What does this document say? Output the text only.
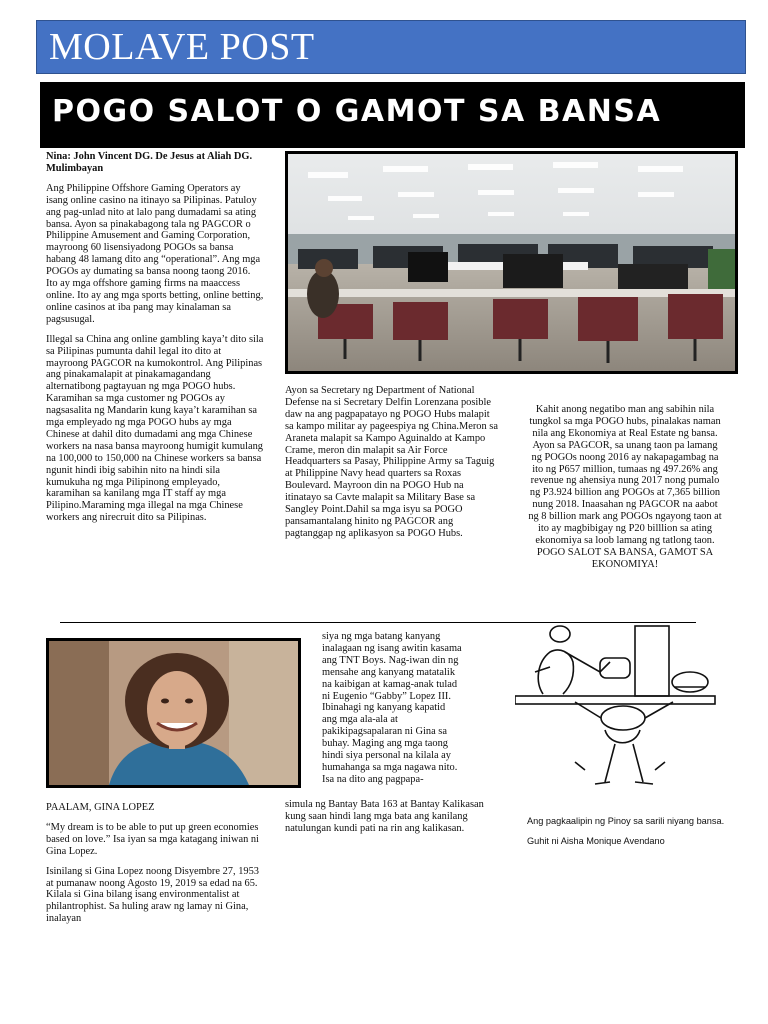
MOLAVE POST
POGO SALOT O GAMOT SA BANSA

Nina: John Vincent DG. De Jesus at Aliah DG. Mulimbayan

Ang Philippine Offshore Gaming Operators ay isang online casino na itinayo sa Pilipinas. Patuloy ang pag-unlad nito at lalo pang dumadami sa ating bansa. Ayon sa pinakabagong tala ng PAGCOR o Philippine Amusement and Gaming Corporation, mayroong 60 lisensiyadong POGOs sa bansa habang 48 lamang dito ang “operational”. Ang mga POGOs ay dumating sa bansa noong taong 2016. Ito ay mga offshore gaming firms na maaccess online. Ito ay ang mga sports betting, online betting, online casinos at iba pang may kinalaman sa pagsusugal.

Illegal sa China ang online gambling kaya’t dito sila sa Pilipinas pumunta dahil legal ito dito at mayroong PAGCOR na kumokontrol. Ang Pilipinas ang pinakamalapit at pinakamagandang alternatibong pagtayuan ng mga POGO hubs. Karamihan sa mga customer ng POGOs ay nagsasalita ng Mandarin kung kaya’t karamihan sa mga empleyado ng mga POGO hubs ay mga Chinese at dahil dito dumadami ang mga Chinese workers na nasa bansa mayroong humigit kumulang na 100,000 to 150,000 na Chinese workers sa bansa ngunit hindi ibig sabihin nito na hindi sila kumukuha ng mga Pilipinong empleyado, karamihan sa kanilang mga IT staff ay mga Pilipino.Maraming mga illegal na mga Chinese workers ang nirecruit dito sa Pilipinas.

Ayon sa Secretary ng Department of National Defense na si Secretary Delfin Lorenzana posible daw na ang pagpapatayo ng POGO Hubs malapit sa kampo militar ay pageespiya ng China.Meron sa Araneta malapit sa Kampo Aguinaldo at Kampo Crame, meron din malapit sa Air Force Headquarters sa Pasay, Philippine Army sa Taguig at Philippine Navy head quarters sa Roxas Boulevard. Mayroon din na POGO Hub na itinatayo sa Cavte malapit sa Military Base sa Sangley Point.Dahil sa mga isyu sa POGO pansamantalang hinito ng PAGCOR ang pagtanggap ng aplikasyon sa POGO Hubs.

Kahit anong negatibo man ang sabihin nila tungkol sa mga POGO hubs, pinalakas naman nila ang Ekonomiya at Real Estate ng bansa. Ayon sa PAGCOR, sa unang taon pa lamang ng POGOs noong 2016 ay nakapagambag na ito ng P657 million, tumaas ng 497.26% ang revenue ng ahensiya nung 2017 nong pumalo ng P3.924 billion ang POGOs at 7,365 billion nung 2018. Inaasahan ng PAGCOR na aabot ng 8 billion mark ang POGOs ngayong taon at ito ay magbibigay ng P20 billlion sa ating ekonomiya sa loob lamang ng tatlong taon. POGO SALOT SA BANSA, GAMOT SA EKONOMIYA!

PAALAM, GINA LOPEZ

“My dream is to be able to put up green economies based on love.” Isa iyan sa mga katagang iniwan ni Gina Lopez.

Isinilang si Gina Lopez noong Disyembre 27, 1953 at pumanaw noong Agosto 19, 2019 sa edad na 65. Kilala si Gina bilang isang environmentalist at philantrophist. Sa huling araw ng lamay ni Gina, inalayan

siya ng mga batang kanyang inalagaan ng isang awitin kasama ang TNT Boys. Nag-iwan din ng mensahe ang kanyang matatalik na kaibigan at kamag-anak tulad ni Eugenio “Gabby” Lopez III. Ibinahagi ng kanyang kapatid ang mga ala-ala at pakikipagsapalaran ni Gina sa buhay. Maging ang mga taong hindi siya personal na kilala ay humahanga sa mga nagawa nito. Isa na dito ang pagpapa-

simula ng Bantay Bata 163 at Bantay Kalikasan kung saan hindi lang mga bata ang kanilang natulungan kundi pati na rin ang kalikasan.

Ang pagkaalipin ng Pinoy sa sarili niyang bansa.

Guhit ni Aisha Monique Avendano
